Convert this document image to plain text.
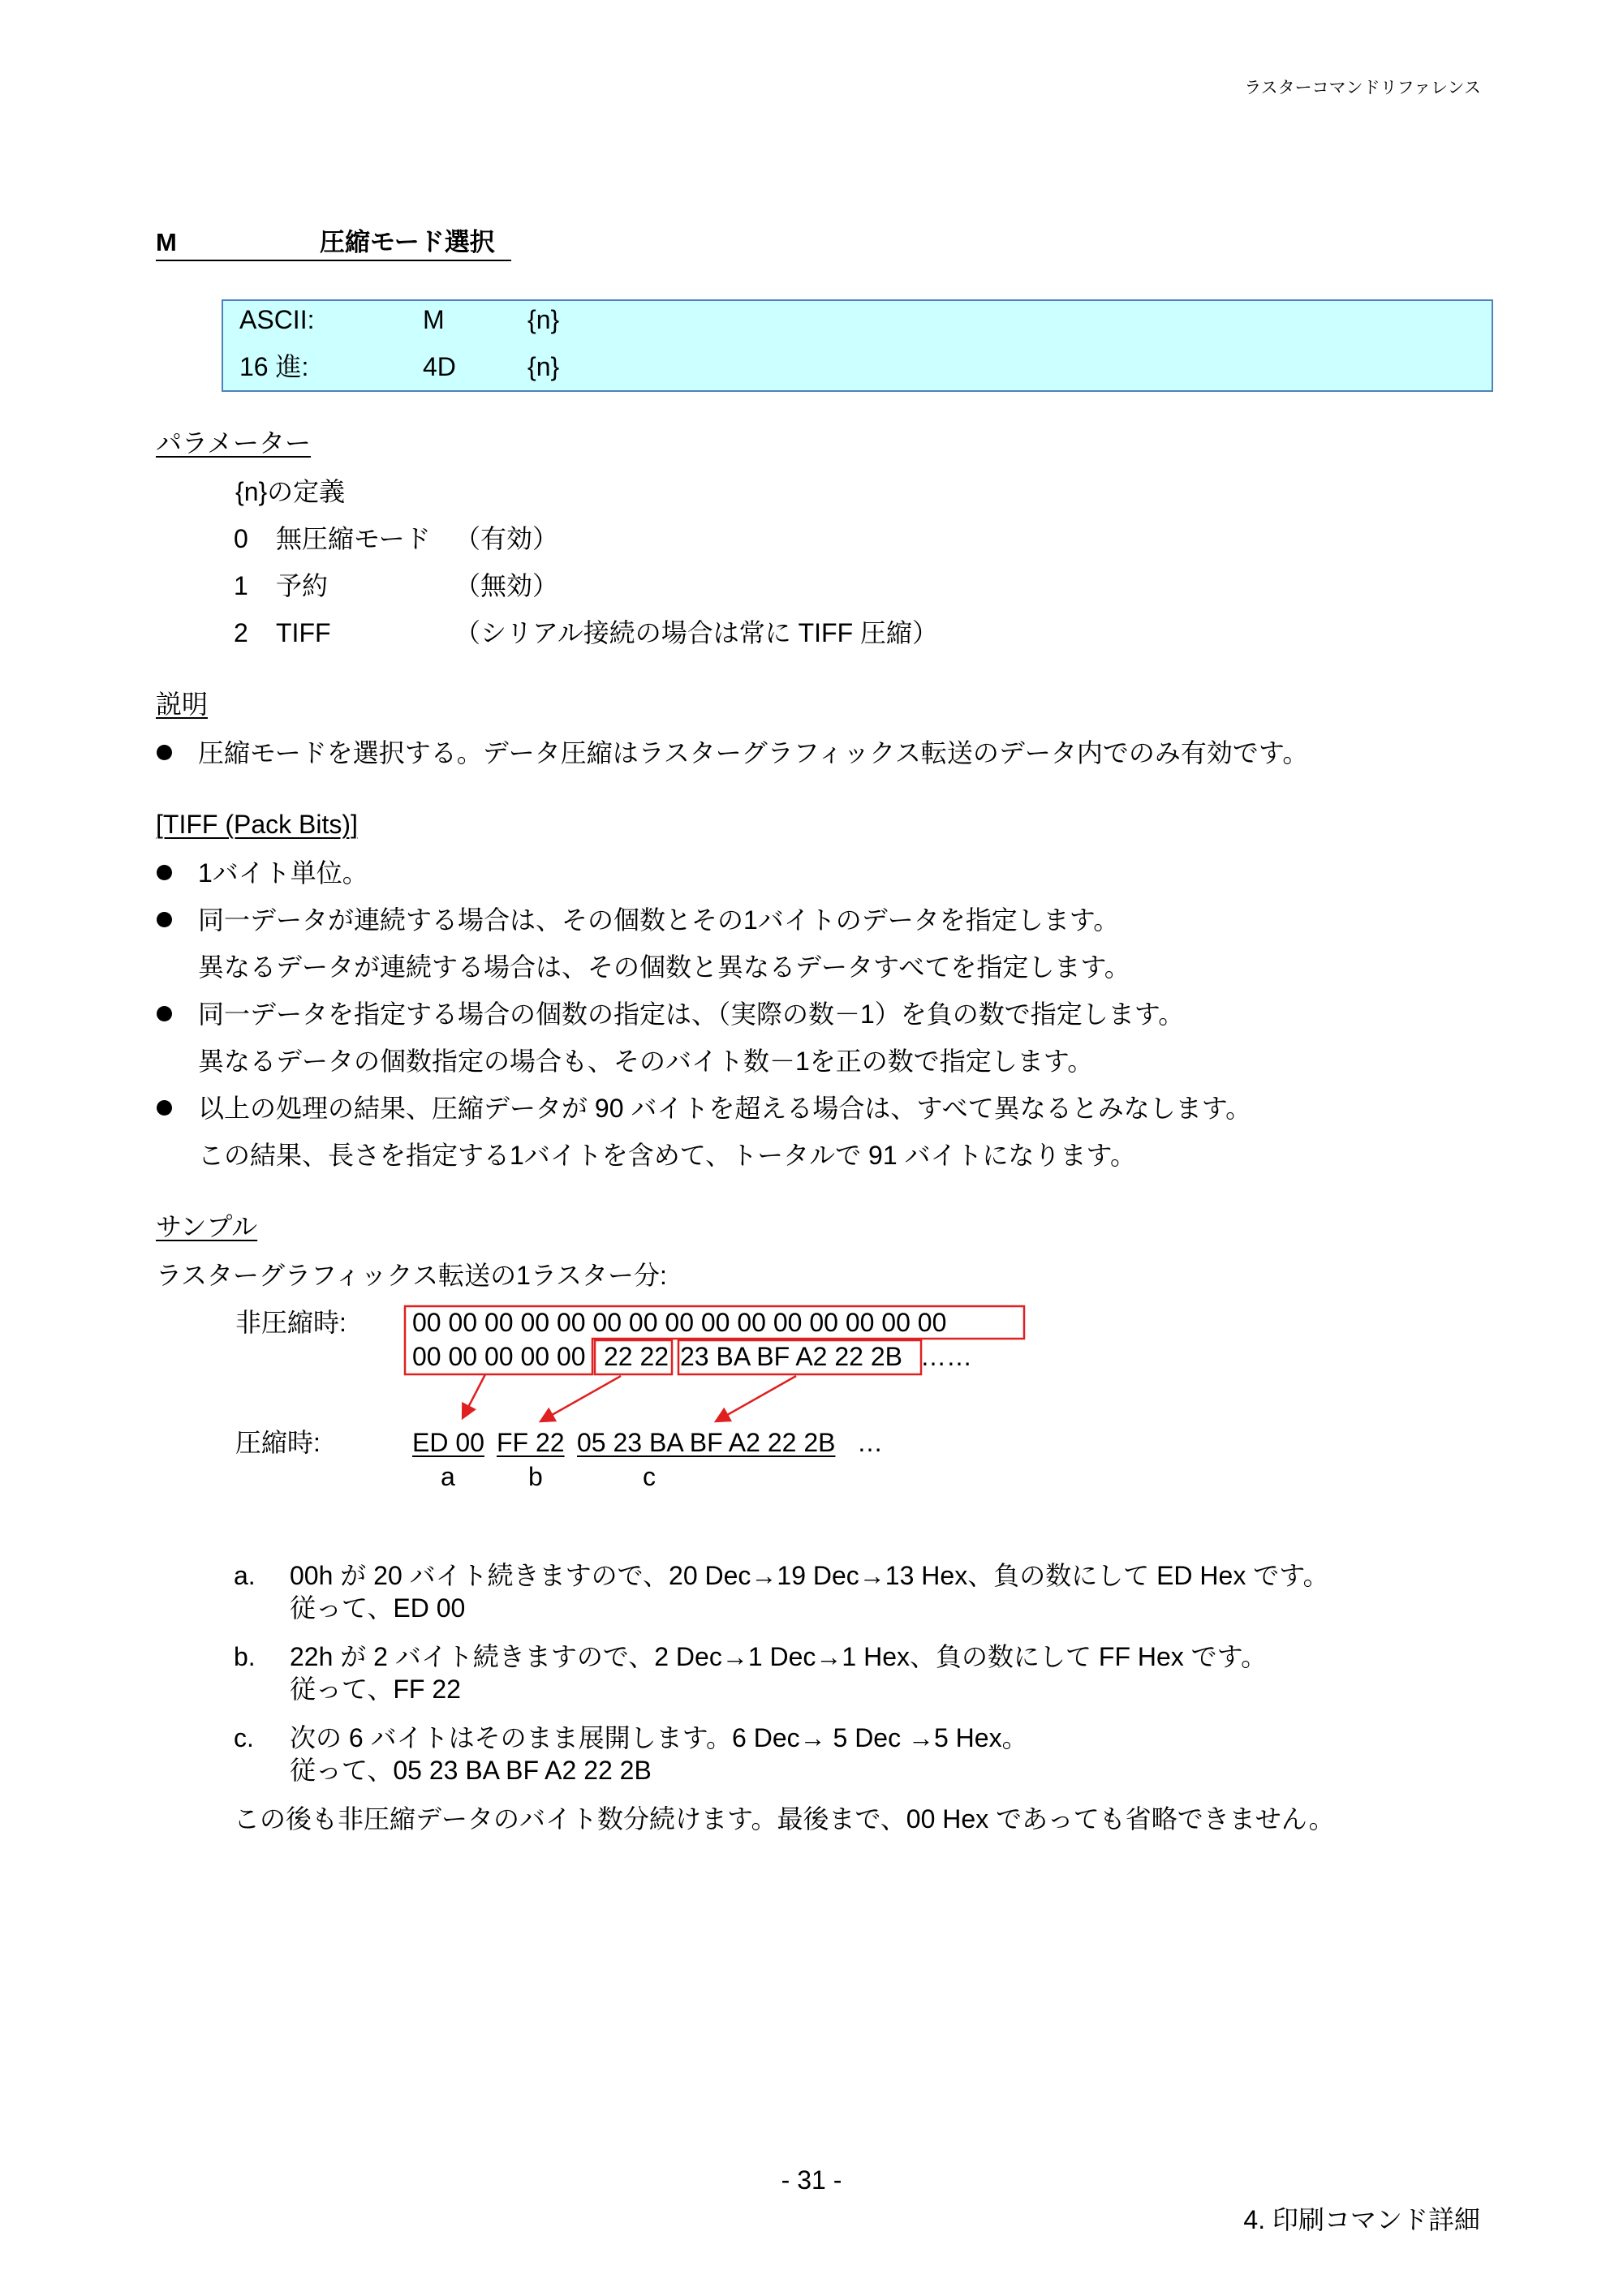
ラスターコマンドリファレンス
M	圧縮モード選択
ASCII:	M	{n}
16 進:	4D	{n}
パラメーター
{n}の定義
0 無圧縮モード （有効）
1 予約	（無効）
2 TIFF	（シリアル接続の場合は常に TIFF 圧縮）
説明
圧縮モードを選択する。データ圧縮はラスターグラフィックス転送のデータ内でのみ有効です。
[TIFF (Pack Bits)]
1バイト単位。
同一データが連続する場合は、その個数とその1バイトのデータを指定します。
異なるデータが連続する場合は、その個数と異なるデータすべてを指定します。
同一データを指定する場合の個数の指定は、（実際の数－1）を負の数で指定します。
異なるデータの個数指定の場合も、そのバイト数－1を正の数で指定します。
以上の処理の結果、圧縮データが 90 バイトを超える場合は、すべて異なるとみなします。
この結果、長さを指定する1バイトを含めて、トータルで 91 バイトになります。
サンプル
ラスターグラフィックス転送の1ラスター分:
非圧縮時:	00 00 00 00 00 00 00 00 00 00 00 00 00 00 00
00 00 00 00 00 22 22 23 BA BF A2 22 2B ……
圧縮時:	ED 00 FF 22 05 23 BA BF A2 22 2B …
a	b	c
a. 00h が 20 バイト続きますので、20 Dec→19 Dec→13 Hex、負の数にして ED Hex です。
従って、ED 00
b. 22h が 2 バイト続きますので、2 Dec→1 Dec→1 Hex、負の数にして FF Hex です。
従って、FF 22
c. 次の 6 バイトはそのまま展開します。6 Dec→ 5 Dec →5 Hex。
従って、05 23 BA BF A2 22 2B
この後も非圧縮データのバイト数分続けます。最後まで、00 Hex であっても省略できません。
- 31 -
4. 印刷コマンド詳細
